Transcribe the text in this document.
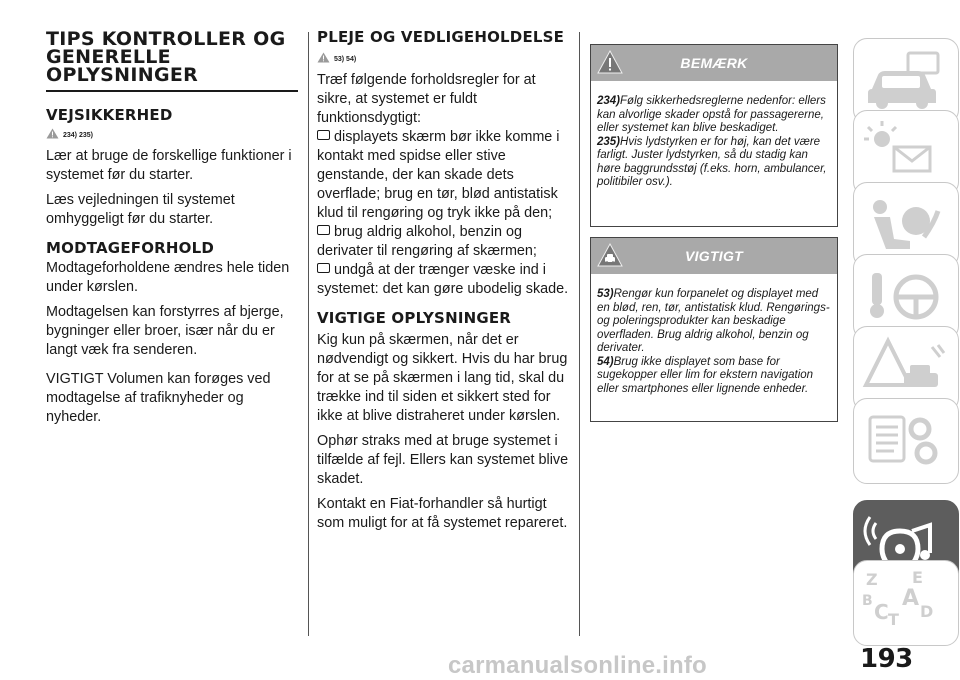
TIPS KONTROLLER OG GENERELLE OPLYSNINGER
VEJSIKKERHED
234) 235)

Lær at bruge de forskellige funktioner i systemet før du starter.

Læs vejledningen til systemet omhyggeligt før du starter.

MODTAGEFORHOLD

Modtageforholdene ændres hele tiden under kørslen.

Modtagelsen kan forstyrres af bjerge, bygninger eller broer, især når du er langt væk fra senderen.

VIGTIGT Volumen kan forøges ved modtagelse af trafiknyheder og nyheder.

PLEJE OG VEDLIGEHOLDELSE
53) 54)

Træf følgende forholdsregler for at sikre, at systemet er fuldt funktionsdygtigt:

displayets skærm bør ikke komme i kontakt med spidse eller stive genstande, der kan skade dets overflade; brug en tør, blød antistatisk klud til rengøring og tryk ikke på den;

brug aldrig alkohol, benzin og derivater til rengøring af skærmen;

undgå at der trænger væske ind i systemet: det kan gøre ubodelig skade.

VIGTIGE OPLYSNINGER

Kig kun på skærmen, når det er nødvendigt og sikkert. Hvis du har brug for at se på skærmen i lang tid, skal du trække ind til siden et sikkert sted for ikke at blive distraheret under kørslen.

Ophør straks med at bruge systemet i tilfælde af fejl. Ellers kan systemet blive skadet.

Kontakt en Fiat-forhandler så hurtigt som muligt for at få systemet repareret.

BEMÆRK
234)Følg sikkerhedsreglerne nedenfor: ellers kan alvorlige skader opstå for passagererne, eller systemet kan blive beskadiget.
235)Hvis lydstyrken er for høj, kan det være farligt. Juster lydstyrken, så du stadig kan høre baggrundsstøj (f.eks. horn, ambulancer, politibiler osv.).
VIGTIGT
53)Rengør kun forpanelet og displayet med en blød, ren, tør, antistatisk klud. Rengørings- og poleringsprodukter kan beskadige overfladen. Brug aldrig alkohol, benzin og derivater.
54)Brug ikke displayet som base for sugekopper eller lim for ekstern navigation eller smartphones eller lignende enheder.
Z E
B A
C T D
193
carmanualsonline.info
